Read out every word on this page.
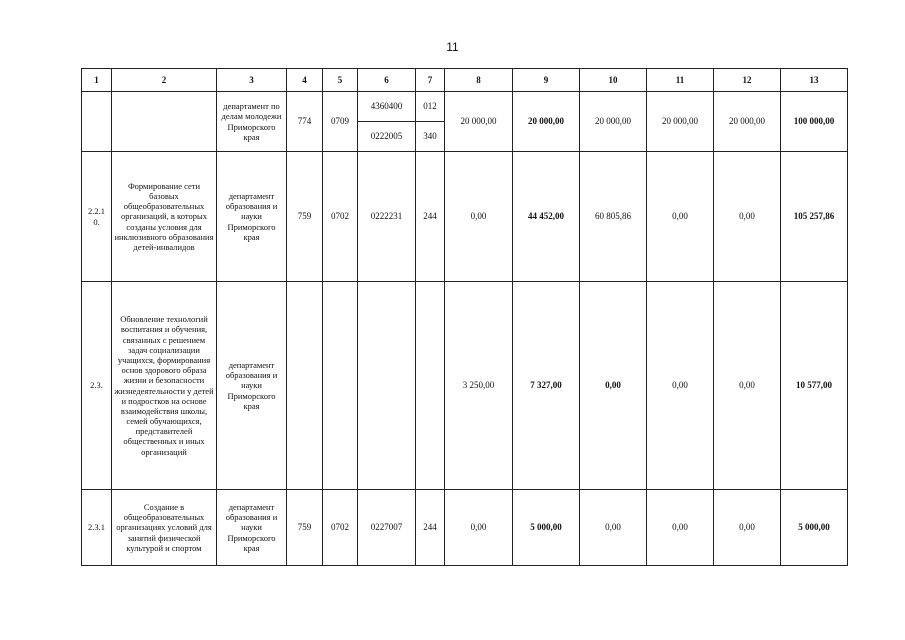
11
1	2	3	4	5	6	7	8	9	10	11	12	13
		департамент по делам молодежи Приморского края	774	0709	4360400	012	20 000,00	20 000,00	20 000,00	20 000,00	20 000,00	100 000,00
					0222005	340						
2.2.1 0.	Формирование сети базовых общеобразовательных организаций, в которых созданы условия для инклюзивного образования детей-инвалидов	департамент образования и науки Приморского края	759	0702	0222231	244	0,00	44 452,00	60 805,86	0,00	0,00	105 257,86
2.3.	Обновление технологий воспитания и обучения, связанных с решением задач социализации учащихся, формирования основ здорового образа жизни и безопасности жизнедеятельности у детей и подростков на основе взаимодействия школы, семей обучающихся, представителей общественных и иных организаций	департамент образования и науки Приморского края					3 250,00	7 327,00	0,00	0,00	0,00	10 577,00
2.3.1	Создание в общеобразовательных организациях условий для занятий физической культурой и спортом	департамент образования и науки Приморского края	759	0702	0227007	244	0,00	5 000,00	0,00	0,00	0,00	5 000,00
